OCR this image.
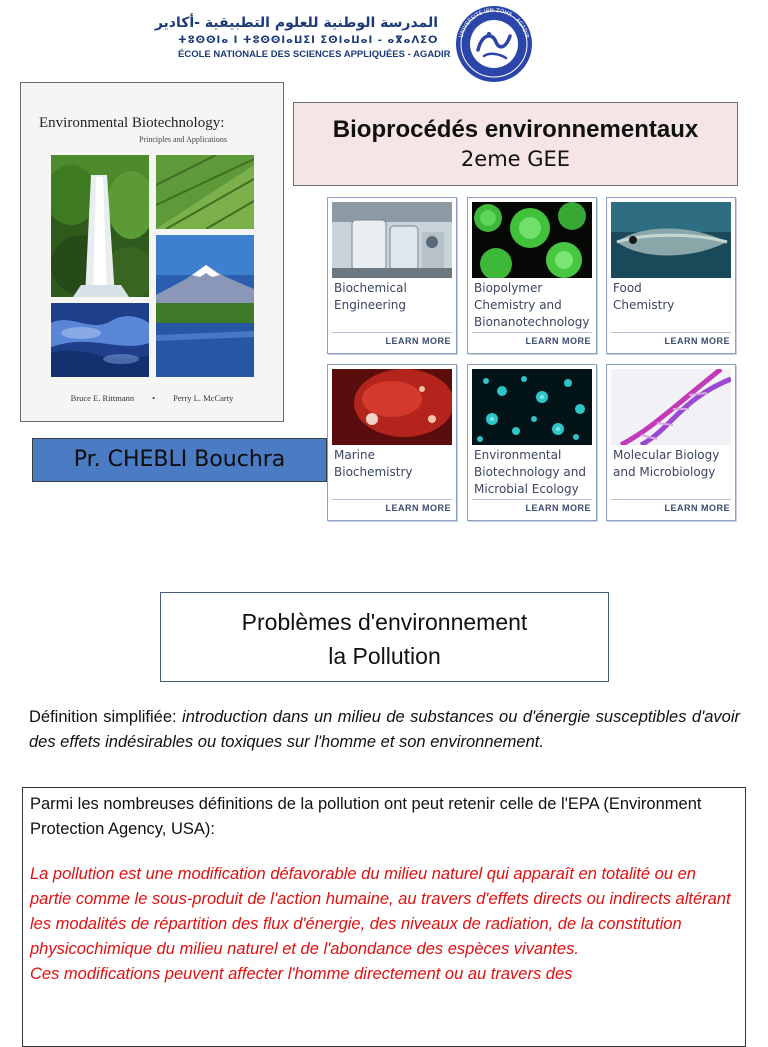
المدرسة الوطنية للعلوم التطبيقية -أكادير
ⵜⵓⵙⵙⵏⴰ ⵏ ⵜⵓⵙⵙⵏⴰⵡⵉⵏ ⵉⵙⵏⴰⵡⴰⵏ - ⴰⴳⴰⴷⵉⵔ
ÉCOLE NATIONALE DES SCIENCES APPLIQUÉES - AGADIR
UNIVERSITÉ IBN ZOHR - AGADIR
Environmental Biotechnology:
Principles and Applications
Bruce E. Rittmann • Perry L. McCarty
Bioprocédés environnementaux
2eme GEE
Biochemical
Engineering
LEARN MORE
Biopolymer
Chemistry and
Bionanotechnology
LEARN MORE
Food
Chemistry
LEARN MORE
Marine
Biochemistry
LEARN MORE
Environmental
Biotechnology and
Microbial Ecology
LEARN MORE
Molecular Biology
and Microbiology
LEARN MORE
Pr. CHEBLI Bouchra
Problèmes d'environnement
la Pollution
Définition simplifiée: introduction dans un milieu de substances ou d'énergie susceptibles d'avoir des effets indésirables ou toxiques sur l'homme et son environnement.
Parmi les nombreuses définitions de la pollution ont peut retenir celle de l'EPA (Environment Protection Agency, USA):
La pollution est une modification défavorable du milieu naturel qui apparaît en totalité ou en partie comme le sous-produit de l'action humaine, au travers d'effets directs ou indirects altérant les modalités de répartition des flux d'énergie, des niveaux de radiation, de la constitution physicochimique du milieu naturel et de l'abondance des espèces vivantes.
Ces modifications peuvent affecter l'homme directement ou au travers des
